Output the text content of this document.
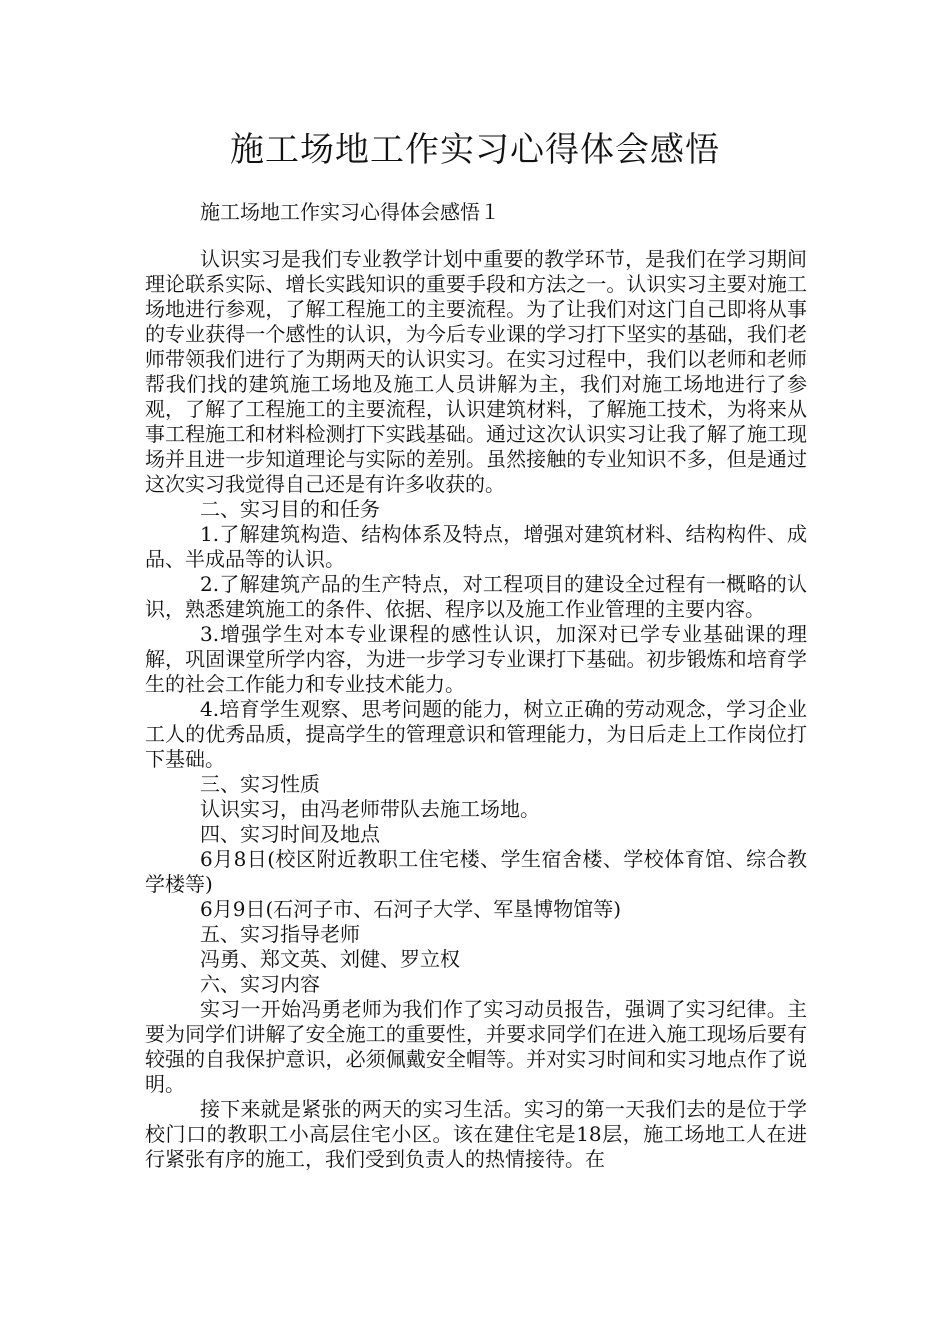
施工场地工作实习心得体会感悟
施工场地工作实习心得体会感悟１

认识实习是我们专业教学计划中重要的教学环节，是我们在学习期间理论联系实际、增长实践知识的重要手段和方法之一。认识实习主要对施工场地进行参观，了解工程施工的主要流程。为了让我们对这门自己即将从事的专业获得一个感性的认识，为今后专业课的学习打下坚实的基础，我们老师带领我们进行了为期两天的认识实习。在实习过程中，我们以老师和老师帮我们找的建筑施工场地及施工人员讲解为主，我们对施工场地进行了参观，了解了工程施工的主要流程，认识建筑材料，了解施工技术，为将来从事工程施工和材料检测打下实践基础。通过这次认识实习让我了解了施工现场并且进一步知道理论与实际的差别。虽然接触的专业知识不多，但是通过这次实习我觉得自己还是有许多收获的。

二、实习目的和任务

1.了解建筑构造、结构体系及特点，增强对建筑材料、结构构件、成品、半成品等的认识。

2.了解建筑产品的生产特点，对工程项目的建设全过程有一概略的认识，熟悉建筑施工的条件、依据、程序以及施工作业管理的主要内容。

3.增强学生对本专业课程的感性认识，加深对已学专业基础课的理解，巩固课堂所学内容，为进一步学习专业课打下基础。初步锻炼和培育学生的社会工作能力和专业技术能力。

4.培育学生观察、思考问题的能力，树立正确的劳动观念，学习企业工人的优秀品质，提高学生的管理意识和管理能力，为日后走上工作岗位打下基础。

三、实习性质

认识实习，由冯老师带队去施工场地。

四、实习时间及地点

6月8日(校区附近教职工住宅楼、学生宿舍楼、学校体育馆、综合教学楼等)

6月9日(石河子市、石河子大学、军垦博物馆等)

五、实习指导老师

冯勇、郑文英、刘健、罗立权

六、实习内容

实习一开始冯勇老师为我们作了实习动员报告，强调了实习纪律。主要为同学们讲解了安全施工的重要性，并要求同学们在进入施工现场后要有较强的自我保护意识，必须佩戴安全帽等。并对实习时间和实习地点作了说明。

接下来就是紧张的两天的实习生活。实习的第一天我们去的是位于学校门口的教职工小高层住宅小区。该在建住宅是18层，施工场地工人在进行紧张有序的施工，我们受到负责人的热情接待。在
